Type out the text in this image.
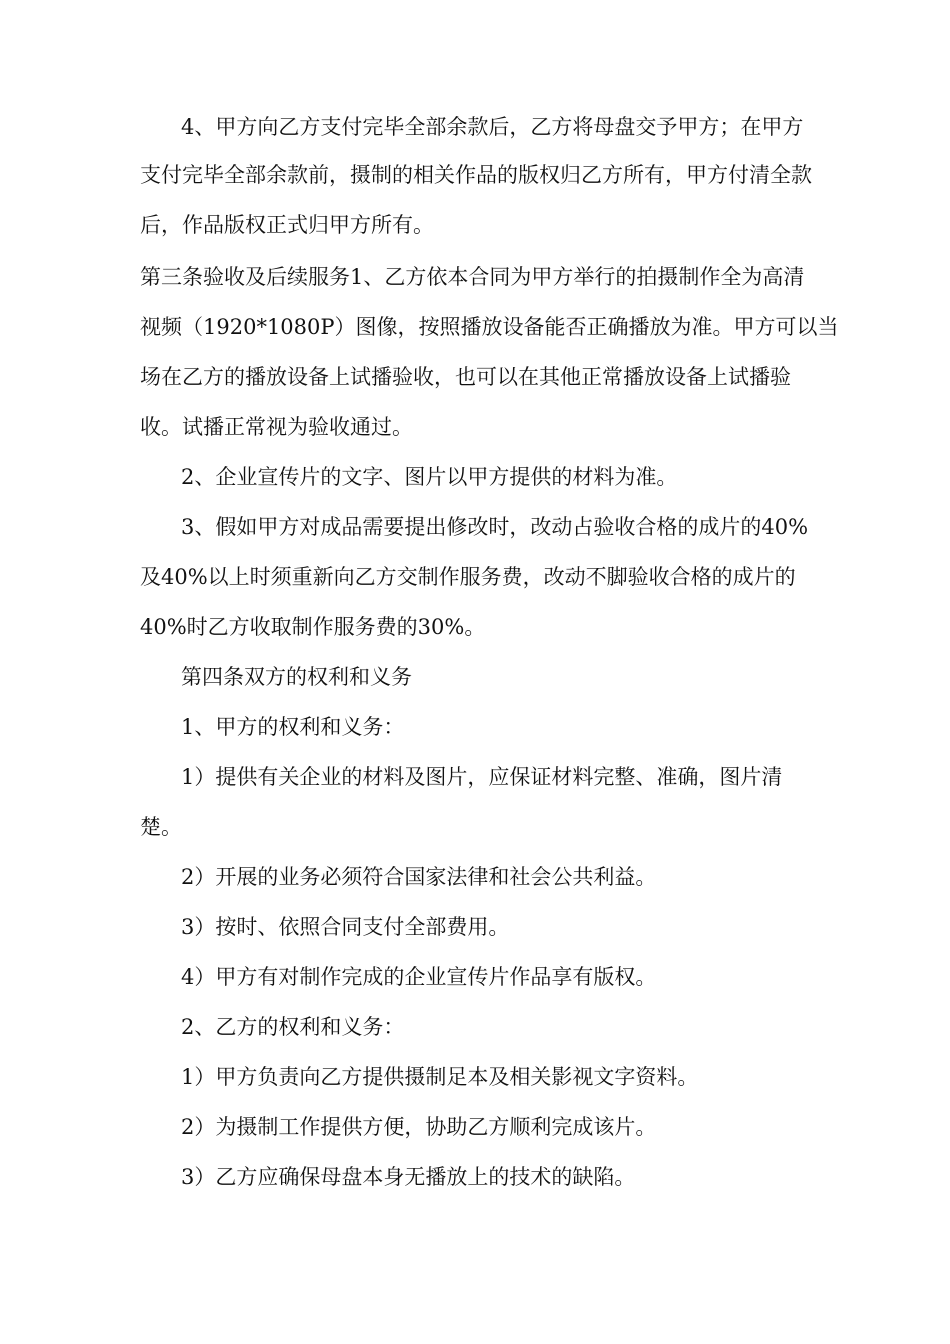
4、甲方向乙方支付完毕全部余款后，乙方将母盘交予甲方；在甲方

支付完毕全部余款前，摄制的相关作品的版权归乙方所有，甲方付清全款

后，作品版权正式归甲方所有。

第三条验收及后续服务1、乙方依本合同为甲方举行的拍摄制作全为高清

视频（1920*1080P）图像，按照播放设备能否正确播放为准。甲方可以当

场在乙方的播放设备上试播验收，也可以在其他正常播放设备上试播验

收。试播正常视为验收通过。

2、企业宣传片的文字、图片以甲方提供的材料为准。

3、假如甲方对成品需要提出修改时，改动占验收合格的成片的40%

及40%以上时须重新向乙方交制作服务费，改动不脚验收合格的成片的

40%时乙方收取制作服务费的30%。

第四条双方的权利和义务

1、甲方的权利和义务：

1）提供有关企业的材料及图片，应保证材料完整、准确，图片清

楚。

2）开展的业务必须符合国家法律和社会公共利益。

3）按时、依照合同支付全部费用。

4）甲方有对制作完成的企业宣传片作品享有版权。

2、乙方的权利和义务：

1）甲方负责向乙方提供摄制足本及相关影视文字资料。

2）为摄制工作提供方便，协助乙方顺利完成该片。

3）乙方应确保母盘本身无播放上的技术的缺陷。
